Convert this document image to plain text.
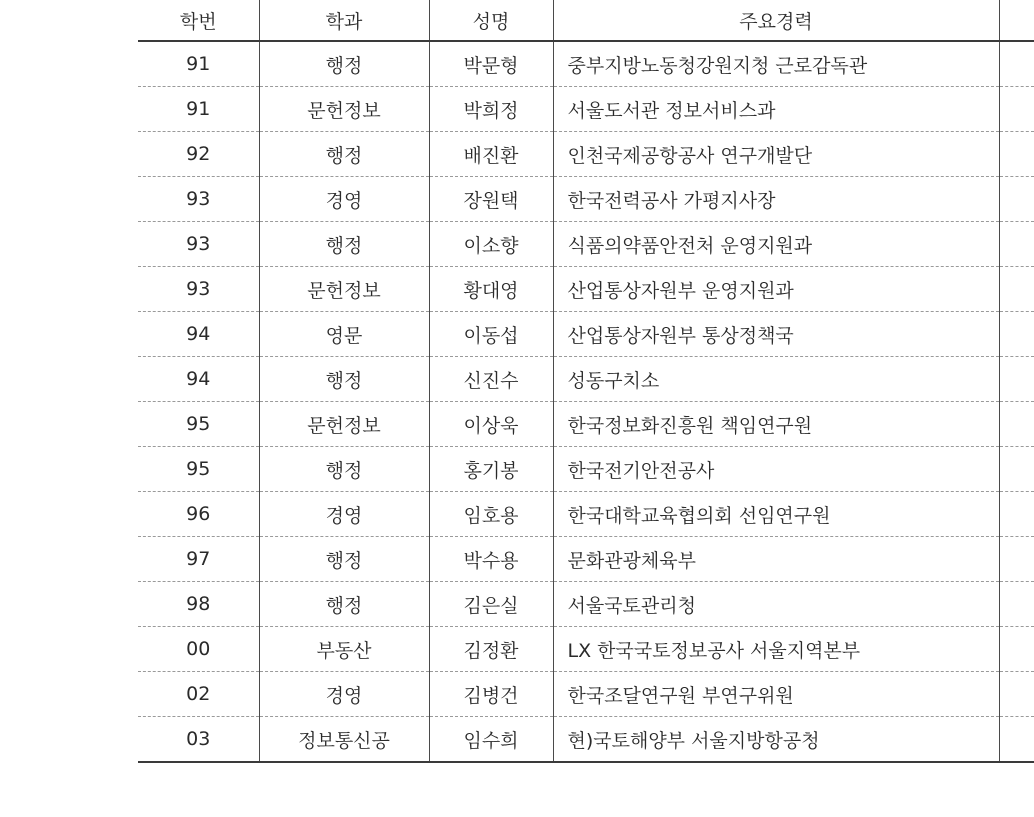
학번	학과	성명	주요경력	
91	행정	박문형	중부지방노동청강원지청 근로감독관	
91	문헌정보	박희정	서울도서관 정보서비스과	
92	행정	배진환	인천국제공항공사 연구개발단	
93	경영	장원택	한국전력공사 가평지사장	
93	행정	이소향	식품의약품안전처 운영지원과	
93	문헌정보	황대영	산업통상자원부 운영지원과	
94	영문	이동섭	산업통상자원부 통상정책국	
94	행정	신진수	성동구치소	
95	문헌정보	이상욱	한국정보화진흥원 책임연구원	
95	행정	홍기봉	한국전기안전공사	
96	경영	임호용	한국대학교육협의회 선임연구원	
97	행정	박수용	문화관광체육부	
98	행정	김은실	서울국토관리청	
00	부동산	김정환	LX 한국국토정보공사 서울지역본부	
02	경영	김병건	한국조달연구원 부연구위원	
03	정보통신공	임수희	현)국토해양부 서울지방항공청	
